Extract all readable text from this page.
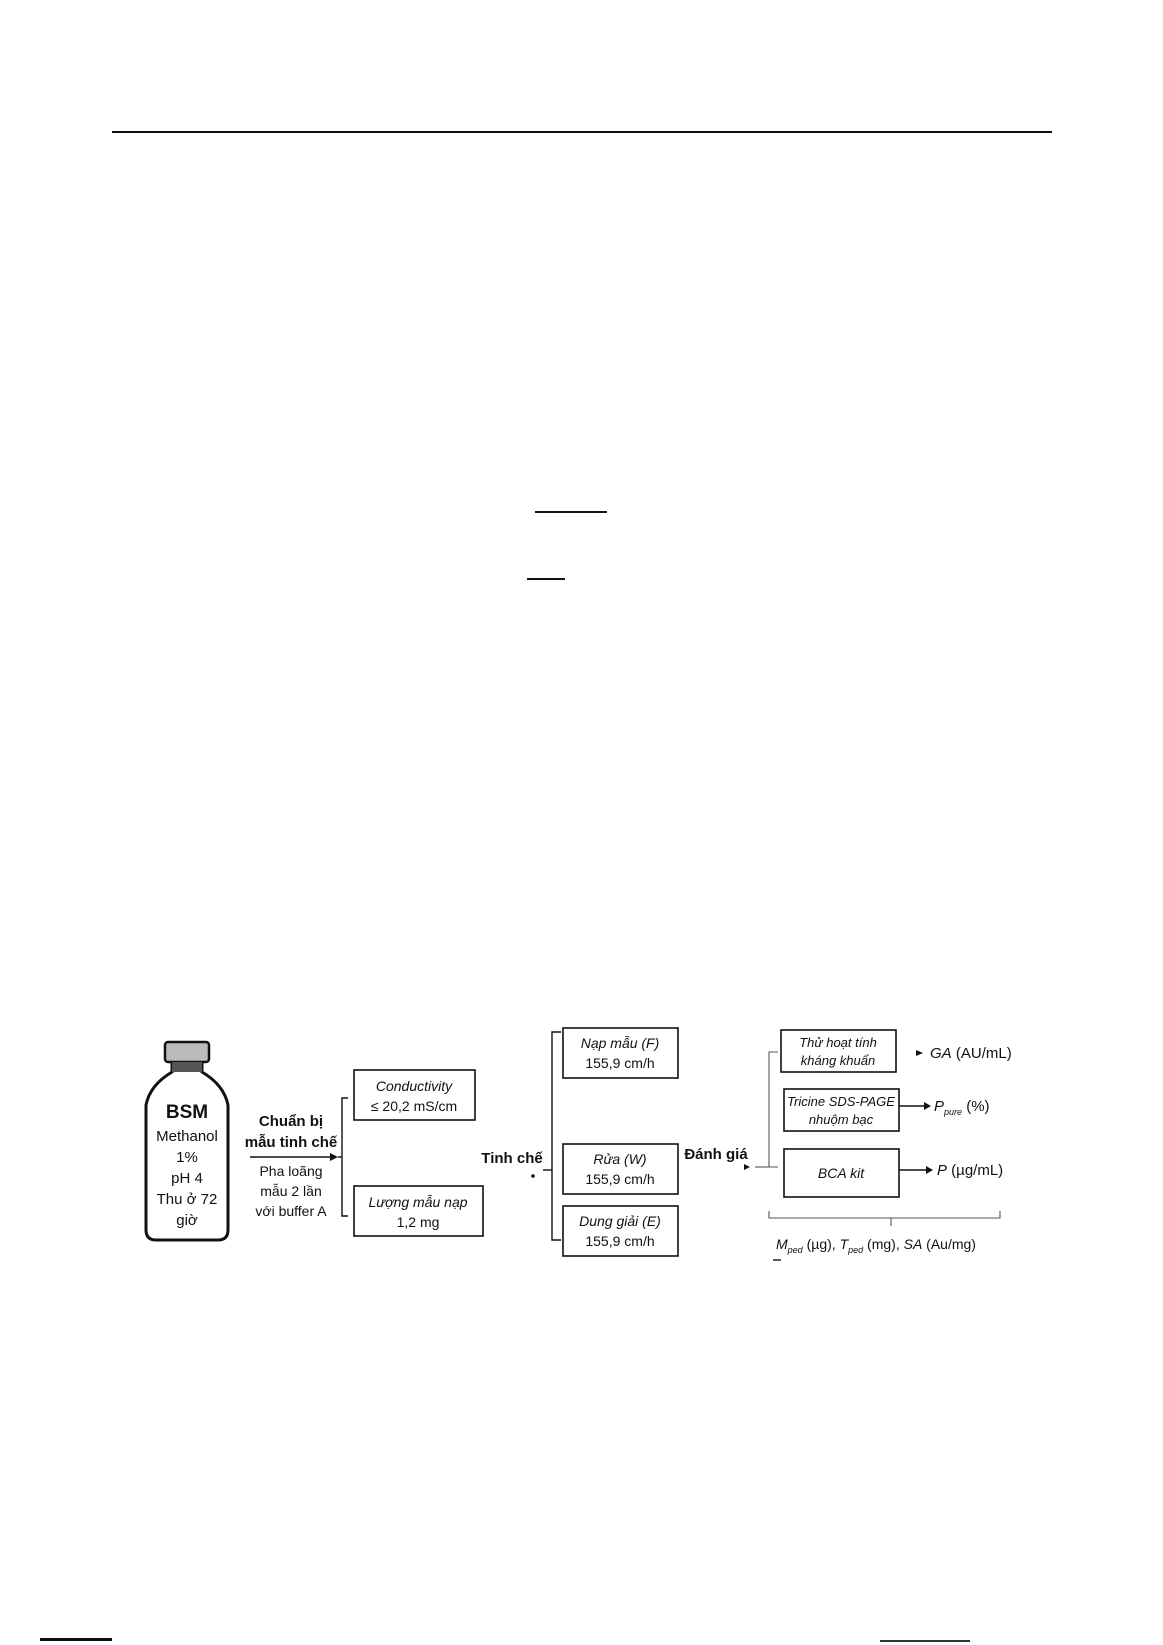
BSM
Methanol
1%
pH 4
Thu ở 72
giờ
Chuẩn bị
mẫu tinh chế
Pha loãng
mẫu 2 lần
với buffer A
Conductivity
≤ 20,2 mS/cm
Lượng mẫu nạp
1,2 mg
Tinh chế
Nạp mẫu (F)
155,9 cm/h
Rửa (W)
155,9 cm/h
Dung giải (E)
155,9 cm/h
Đánh giá
Thử hoạt tính
kháng khuẩn
Tricine SDS-PAGE
nhuộm bạc
BCA kit
GA (AU/mL)
$P_{pure}$ (%)
P (µg/mL)
$M_{ped}$ (µg), $T_{ped}$ (mg), SA (Au/mg)
